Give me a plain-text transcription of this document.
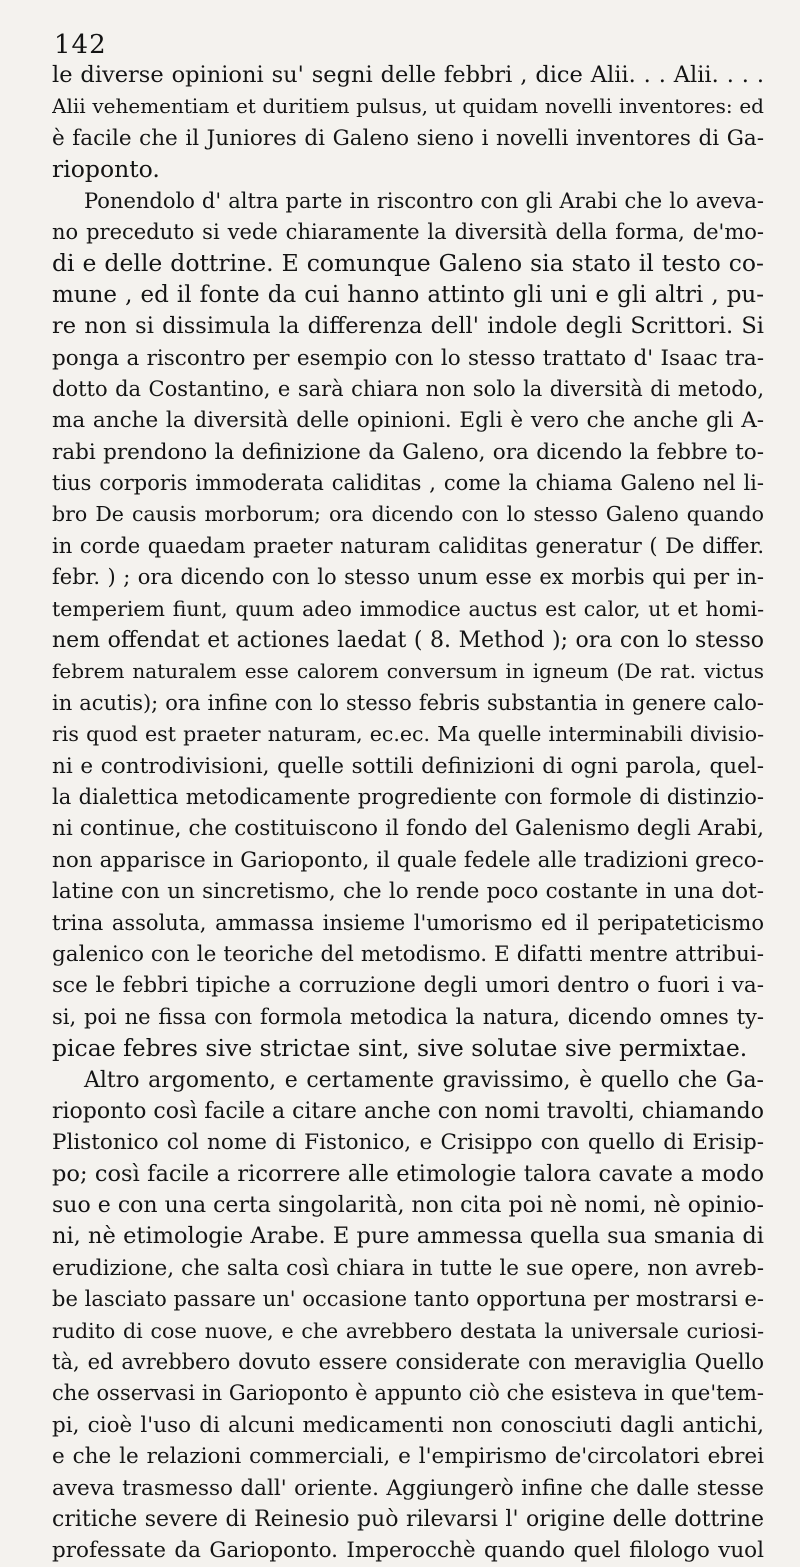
142
le diverse opinioni su' segni delle febbri , dice Alii. . . Alii. . . .
Alii vehementiam et duritiem pulsus, ut quidam novelli inventores: ed
è facile che il Juniores di Galeno sieno i novelli inventores di Ga-
rioponto.
Ponendolo d' altra parte in riscontro con gli Arabi che lo aveva-
no preceduto si vede chiaramente la diversità della forma, de'mo-
di e delle dottrine. E comunque Galeno sia stato il testo co-
mune , ed il fonte da cui hanno attinto gli uni e gli altri , pu-
re non si dissimula la differenza dell' indole degli Scrittori. Si
ponga a riscontro per esempio con lo stesso trattato d' Isaac tra-
dotto da Costantino, e sarà chiara non solo la diversità di metodo,
ma anche la diversità delle opinioni. Egli è vero che anche gli A-
rabi prendono la definizione da Galeno, ora dicendo la febbre to-
tius corporis immoderata caliditas , come la chiama Galeno nel li-
bro De causis morborum; ora dicendo con lo stesso Galeno quando
in corde quaedam praeter naturam caliditas generatur ( De differ.
febr. ) ; ora dicendo con lo stesso unum esse ex morbis qui per in-
temperiem fiunt, quum adeo immodice auctus est calor, ut et homi-
nem offendat et actiones laedat ( 8. Method ); ora con lo stesso
febrem naturalem esse calorem conversum in igneum (De rat. victus
in acutis); ora infine con lo stesso febris substantia in genere calo-
ris quod est praeter naturam, ec.ec. Ma quelle interminabili divisio-
ni e controdivisioni, quelle sottili definizioni di ogni parola, quel-
la dialettica metodicamente progrediente con formole di distinzio-
ni continue, che costituiscono il fondo del Galenismo degli Arabi,
non apparisce in Garioponto, il quale fedele alle tradizioni greco-
latine con un sincretismo, che lo rende poco costante in una dot-
trina assoluta, ammassa insieme l'umorismo ed il peripateticismo
galenico con le teoriche del metodismo. E difatti mentre attribui-
sce le febbri tipiche a corruzione degli umori dentro o fuori i va-
si, poi ne fissa con formola metodica la natura, dicendo omnes ty-
picae febres sive strictae sint, sive solutae sive permixtae.
Altro argomento, e certamente gravissimo, è quello che Ga-
rioponto così facile a citare anche con nomi travolti, chiamando
Plistonico col nome di Fistonico, e Crisippo con quello di Erisip-
po; così facile a ricorrere alle etimologie talora cavate a modo
suo e con una certa singolarità, non cita poi nè nomi, nè opinio-
ni, nè etimologie Arabe. E pure ammessa quella sua smania di
erudizione, che salta così chiara in tutte le sue opere, non avreb-
be lasciato passare un' occasione tanto opportuna per mostrarsi e-
rudito di cose nuove, e che avrebbero destata la universale curiosi-
tà, ed avrebbero dovuto essere considerate con meraviglia Quello
che osservasi in Garioponto è appunto ciò che esisteva in que'tem-
pi, cioè l'uso di alcuni medicamenti non conosciuti dagli antichi,
e che le relazioni commerciali, e l'empirismo de'circolatori ebrei
aveva trasmesso dall' oriente. Aggiungerò infine che dalle stesse
critiche severe di Reinesio può rilevarsi l' origine delle dottrine
professate da Garioponto. Imperocchè quando quel filologo vuol
